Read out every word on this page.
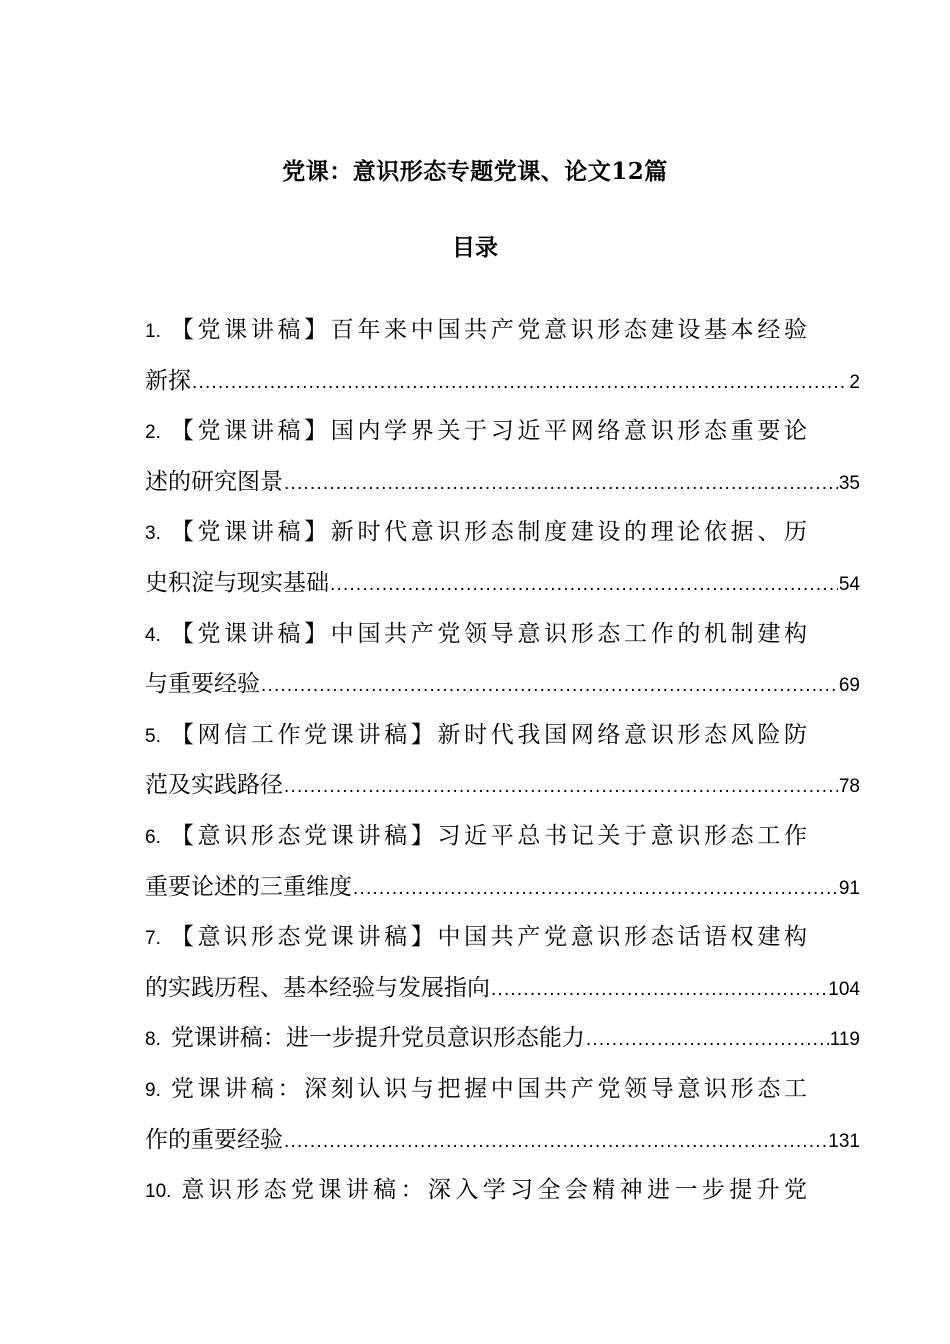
党课：意识形态专题党课、论文12篇
目录
1. 【党课讲稿】百年来中国共产党意识形态建设基本经验
新探 .....	2
2. 【党课讲稿】国内学界关于习近平网络意识形态重要论
述的研究图景 .....	35
3. 【党课讲稿】新时代意识形态制度建设的理论依据、历
史积淀与现实基础 .....	54
4. 【党课讲稿】中国共产党领导意识形态工作的机制建构
与重要经验 .....	69
5. 【网信工作党课讲稿】新时代我国网络意识形态风险防
范及实践路径 .....	78
6. 【意识形态党课讲稿】习近平总书记关于意识形态工作
重要论述的三重维度 .....	91
7. 【意识形态党课讲稿】中国共产党意识形态话语权建构
的实践历程、基本经验与发展指向 .....	104
8. 党课讲稿：进一步提升党员意识形态能力 .....	119
9. 党课讲稿：深刻认识与把握中国共产党领导意识形态工
作的重要经验 .....	131
10. 意识形态党课讲稿：深入学习全会精神进一步提升党
